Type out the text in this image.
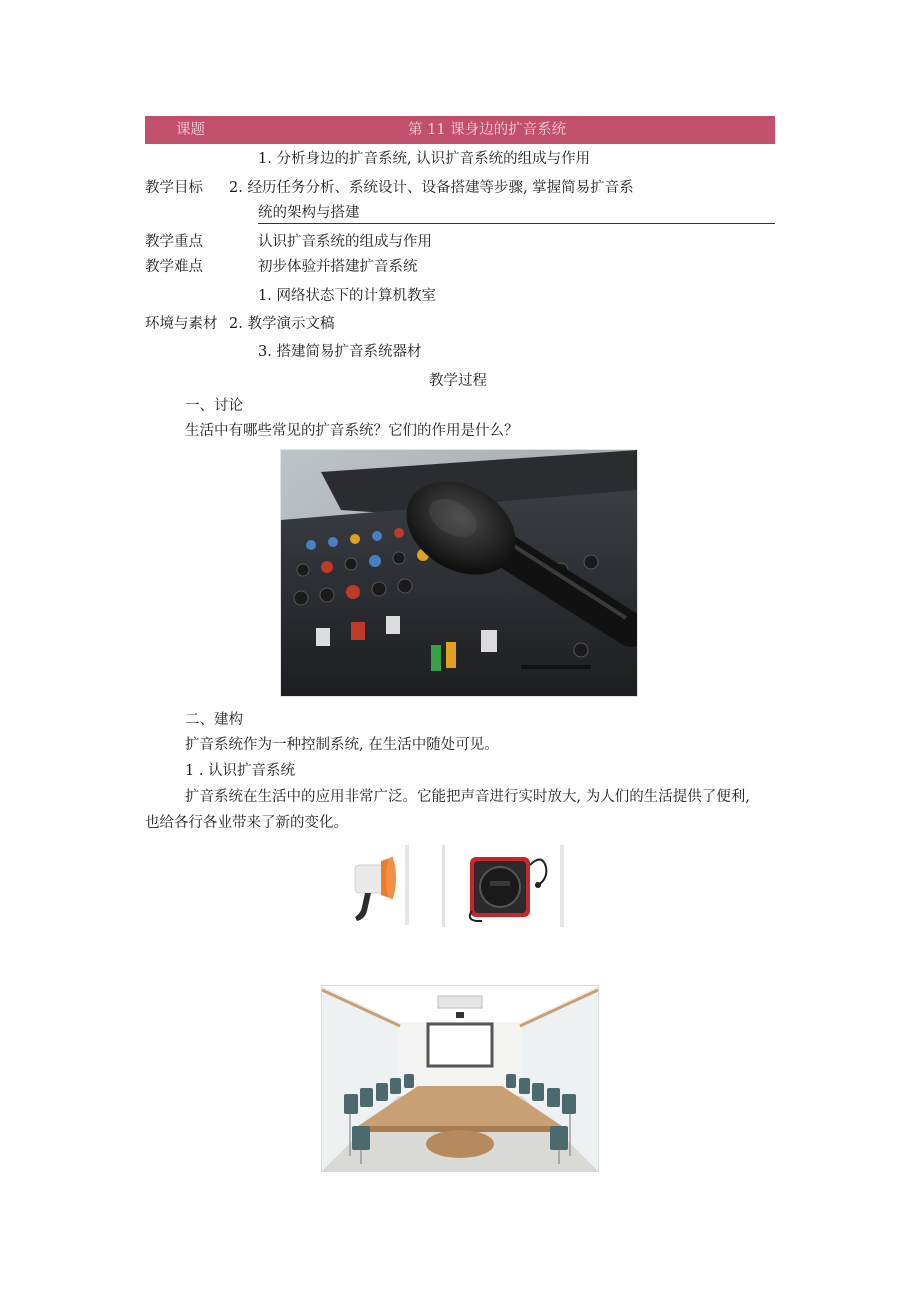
课题	第 11 课身边的扩音系统
1. 分析身边的扩音系统, 认识扩音系统的组成与作用
教学目标 2. 经历任务分析、系统设计、设备搭建等步骤, 掌握简易扩音系
统的架构与搭建
教学重点	认识扩音系统的组成与作用
教学难点	初步体验并搭建扩音系统
1. 网络状态下的计算机教室
环境与素材 2. 教学演示文稿
3. 搭建简易扩音系统器材
教学过程
一、讨论
生活中有哪些常见的扩音系统？它们的作用是什么？
二、建构
扩音系统作为一种控制系统, 在生活中随处可见。
1 . 认识扩音系统
扩音系统在生活中的应用非常广泛。它能把声音进行实时放大, 为人们的生活提供了便利,
也给各行各业带来了新的变化。
